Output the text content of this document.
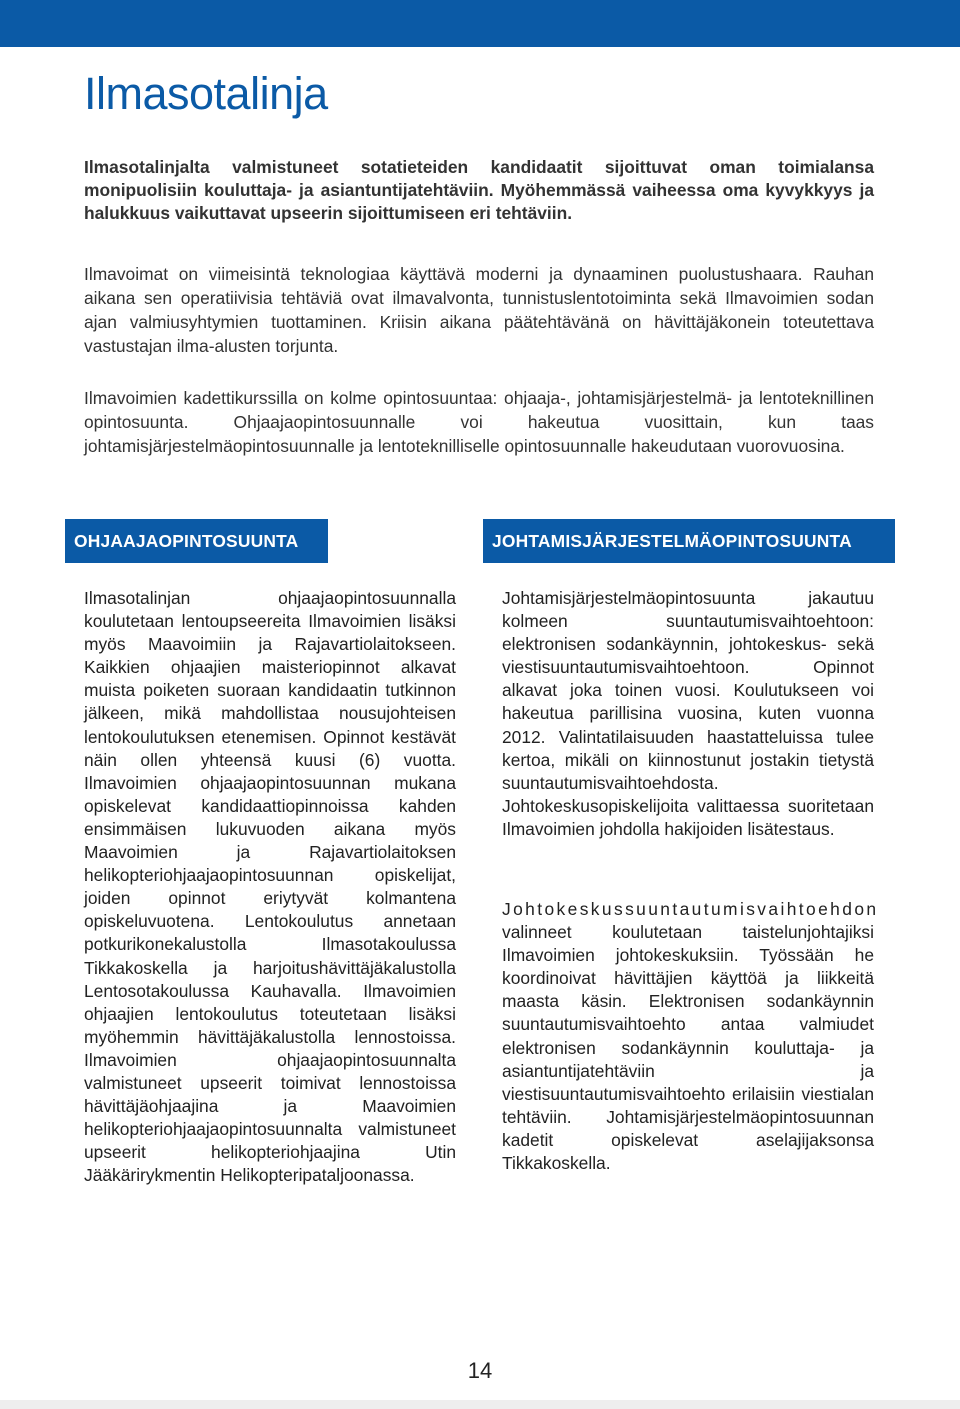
Ilmasotalinja

Ilmasotalinjalta valmistuneet sotatieteiden kandidaatit sijoittuvat oman toimialansa monipuolisiin kouluttaja- ja asiantuntijatehtäviin. Myöhemmässä vaiheessa oma kyvykkyys ja halukkuus vaikuttavat upseerin sijoittumiseen eri tehtäviin.

Ilmavoimat on viimeisintä teknologiaa käyttävä moderni ja dynaaminen puolustushaara. Rauhan aikana sen operatiivisia tehtäviä ovat ilmavalvonta, tunnistuslentotoiminta sekä Ilmavoimien sodan ajan valmiusyhtymien tuottaminen. Kriisin aikana päätehtävänä on hävittäjäkonein toteutettava vastustajan ilma-alusten torjunta.

Ilmavoimien kadettikurssilla on kolme opintosuuntaa: ohjaaja-, johtamisjärjestelmä- ja lentoteknillinen opintosuunta. Ohjaajaopintosuunnalle voi hakeutua vuosittain, kun taas johtamisjärjestelmäopintosuunnalle ja lentoteknilliselle opintosuunnalle hakeudutaan vuorovuosina.

OHJAAJAOPINTOSUUNTA	JOHTAMISJÄRJESTELMÄOPINTOSUUNTA

Ilmasotalinjan ohjaajaopintosuunnalla koulutetaan lentoupseereita Ilmavoimien lisäksi myös Maavoimiin ja Rajavartiolaitokseen. Kaikkien ohjaajien maisteriopinnot alkavat muista poiketen suoraan kandidaatin tutkinnon jälkeen, mikä mahdollistaa nousujohteisen lentokoulutuksen etenemisen. Opinnot kestävät näin ollen yhteensä kuusi (6) vuotta. Ilmavoimien ohjaajaopintosuunnan mukana opiskelevat kandidaattiopinnoissa kahden ensimmäisen lukuvuoden aikana myös Maavoimien ja Rajavartiolaitoksen helikopteriohjaajaopintosuunnan opiskelijat, joiden opinnot eriytyvät kolmantena opiskeluvuotena. Lentokoulutus annetaan potkurikonekalustolla Ilmasotakoulussa Tikkakoskella ja harjoitushävittäjäkalustolla Lentosotakoulussa Kauhavalla. Ilmavoimien ohjaajien lentokoulutus toteutetaan lisäksi myöhemmin hävittäjäkalustolla lennostoissa. Ilmavoimien ohjaajaopintosuunnalta valmistuneet upseerit toimivat lennostoissa hävittäjäohjaajina ja Maavoimien helikopteriohjaajaopintosuunnalta valmistuneet upseerit helikopteriohjaajina Utin Jääkärirykmentin Helikopteripataljoonassa.

Johtamisjärjestelmäopintosuunta jakautuu kolmeen suuntautumisvaihtoehtoon: elektronisen sodankäynnin, johtokeskus- sekä viestisuuntautumisvaihtoehtoon. Opinnot alkavat joka toinen vuosi. Koulutukseen voi hakeutua parillisina vuosina, kuten vuonna 2012. Valintatilaisuuden haastatteluissa tulee kertoa, mikäli on kiinnostunut jostakin tietystä suuntautumisvaihtoehdosta. Johtokeskusopiskelijoita valittaessa suoritetaan Ilmavoimien johdolla hakijoiden lisätestaus.

Johtokeskussuuntautumisvaihtoehdon valinneet koulutetaan taistelunjohtajiksi Ilmavoimien johtokeskuksiin. Työssään he koordinoivat hävittäjien käyttöä ja liikkeitä maasta käsin. Elektronisen sodankäynnin suuntautumisvaihtoehto antaa valmiudet elektronisen sodankäynnin kouluttaja- ja asiantuntijatehtäviin ja viestisuuntautumisvaihtoehto erilaisiin viestialan tehtäviin. Johtamisjärjestelmäopintosuunnan kadetit opiskelevat aselajijaksonsa Tikkakoskella.

14
